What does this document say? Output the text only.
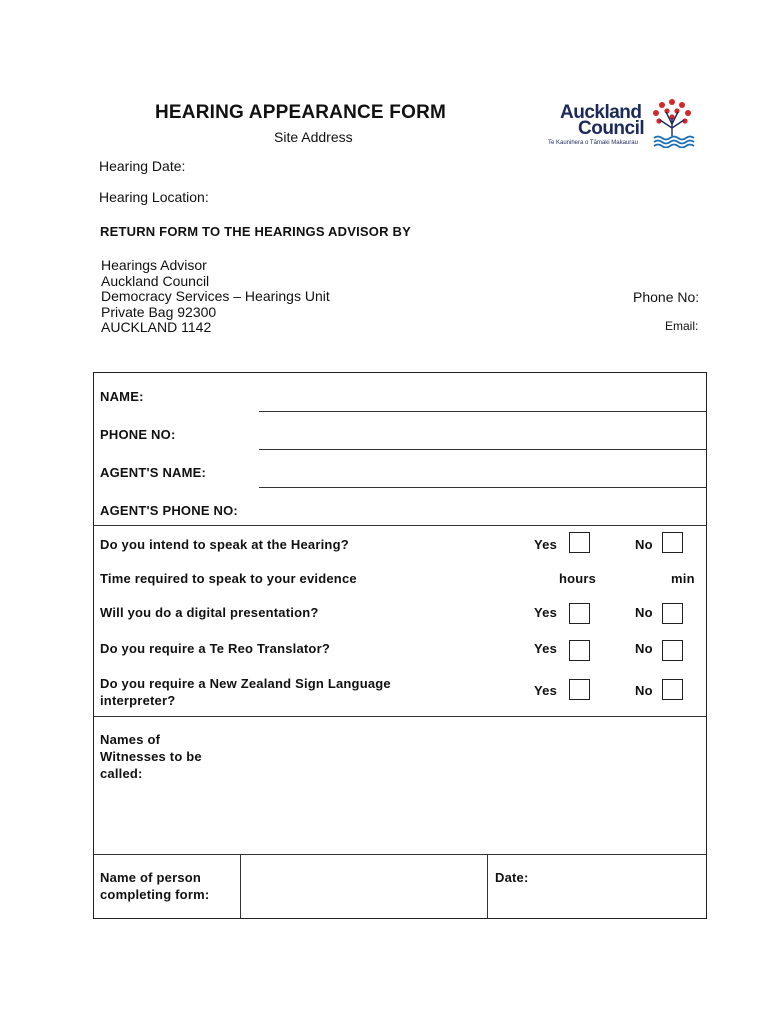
HEARING APPEARANCE FORM
Site Address
Auckland
Council
Te Kaunihera o Tāmaki Makaurau
Hearing Date:
Hearing Location:
RETURN FORM TO THE HEARINGS ADVISOR BY
Hearings Advisor
Auckland Council
Democracy Services – Hearings Unit
Private Bag 92300
AUCKLAND 1142
Phone No:
Email:
NAME:
PHONE NO:
AGENT'S NAME:
AGENT'S PHONE NO:
Do you intend to speak at the Hearing?	Yes	No
Time required to speak to your evidence	hours	min
Will you do a digital presentation?	Yes	No
Do you require a Te Reo Translator?	Yes	No
Do you require a New Zealand Sign Language interpreter?
Yes	No
Names of Witnesses to be called:
Name of person completing form:
Date:
